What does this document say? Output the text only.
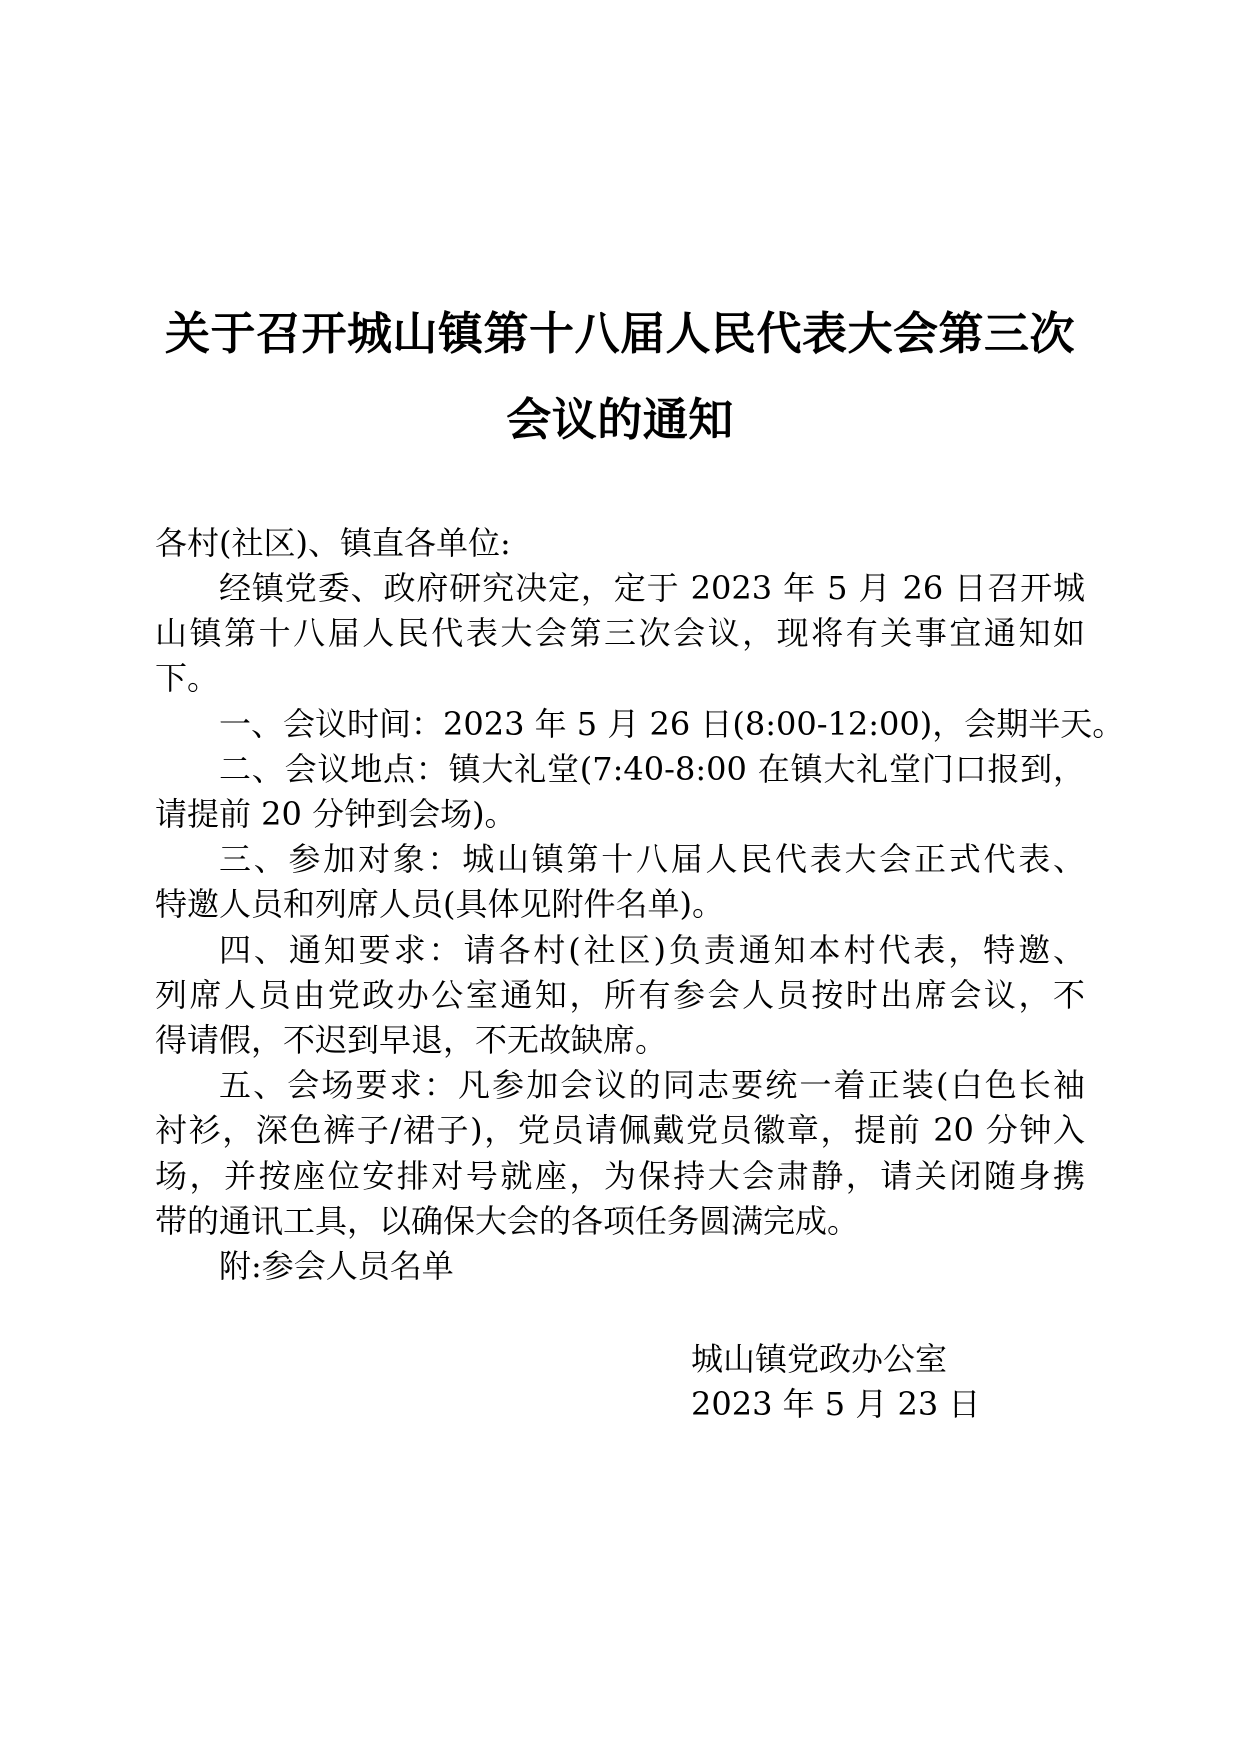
关于召开城山镇第十八届人民代表大会第三次
会议的通知
各村(社区)、镇直各单位:
经镇党委、政府研究决定，定于 2023 年 5 月 26 日召开城
山镇第十八届人民代表大会第三次会议，现将有关事宜通知如
下。
一、会议时间：2023 年 5 月 26 日(8:00-12:00)，会期半天。
二、会议地点：镇大礼堂(7:40-8:00 在镇大礼堂门口报到，
请提前 20 分钟到会场)。
三、参加对象：城山镇第十八届人民代表大会正式代表、
特邀人员和列席人员(具体见附件名单)。
四、通知要求：请各村(社区)负责通知本村代表，特邀、
列席人员由党政办公室通知，所有参会人员按时出席会议，不
得请假，不迟到早退，不无故缺席。
五、会场要求：凡参加会议的同志要统一着正装(白色长袖
衬衫，深色裤子/裙子)，党员请佩戴党员徽章，提前 20 分钟入
场，并按座位安排对号就座，为保持大会肃静，请关闭随身携
带的通讯工具，以确保大会的各项任务圆满完成。
附:参会人员名单
城山镇党政办公室
2023 年 5 月 23 日
